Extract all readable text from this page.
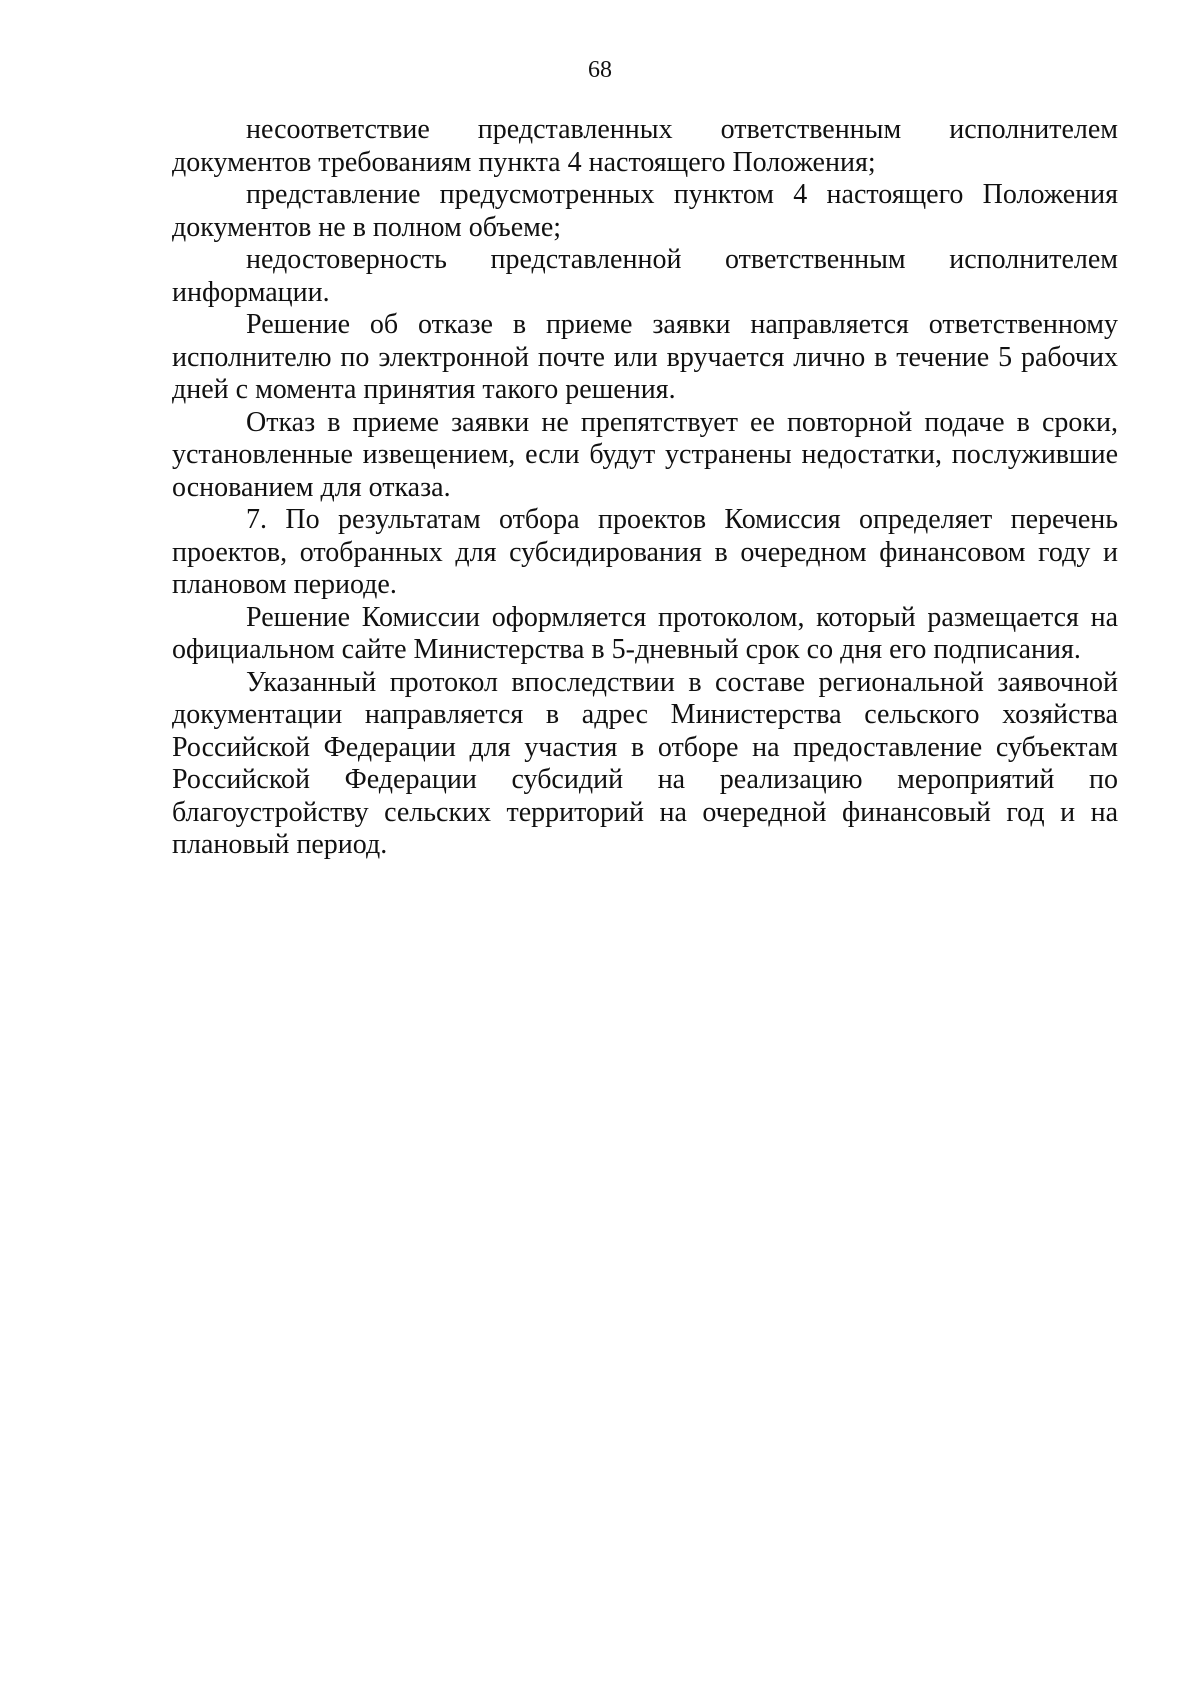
68

несоответствие представленных ответственным исполнителем документов требованиям пункта 4 настоящего Положения;

представление предусмотренных пунктом 4 настоящего Положения документов не в полном объеме;

недостоверность представленной ответственным исполнителем информации.

Решение об отказе в приеме заявки направляется ответственному исполнителю по электронной почте или вручается лично в течение 5 рабочих дней с момента принятия такого решения.

Отказ в приеме заявки не препятствует ее повторной подаче в сроки, установленные извещением, если будут устранены недостатки, послужившие основанием для отказа.

7. По результатам отбора проектов Комиссия определяет перечень проектов, отобранных для субсидирования в очередном финансовом году и плановом периоде.

Решение Комиссии оформляется протоколом, который размещается на официальном сайте Министерства в 5-дневный срок со дня его подписания.

Указанный протокол впоследствии в составе региональной заявочной документации направляется в адрес Министерства сельского хозяйства Российской Федерации для участия в отборе на предоставление субъектам Российской Федерации субсидий на реализацию мероприятий по благоустройству сельских территорий на очередной финансовый год и на плановый период.
